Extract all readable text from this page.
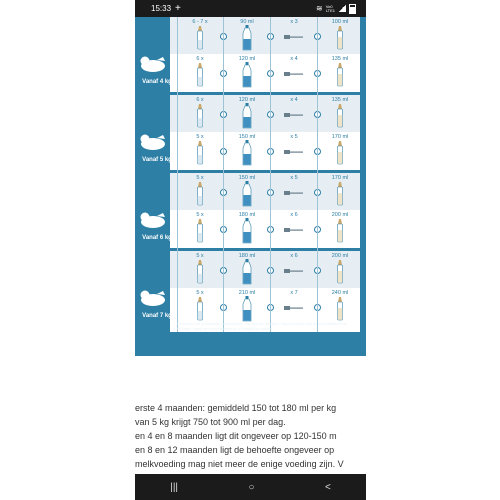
15:33 +	≋ Vo0
LTE1
6 - 7 x	90 ml	x 3	100 ml
6 x	120 ml	x 4	135 ml
6 x	120 ml	x 4	135 ml
5 x	150 ml	x 5	170 ml
5 x	150 ml	x 5	170 ml
5 x	180 ml	x 6	200 ml
5 x	180 ml	x 6	200 ml
5 x	210 ml	x 7	240 ml
Gebaseerd op gemiddelde hoeveelheden. Uw kind kan afwijken. Volg het advies van uw consultatiebureau.
Bij twijfel, vraag uw consultatiebureau of huisarts om advies.
Vanaf 4 kg
Vanaf 5 kg
Vanaf 6 kg
Vanaf 7 kg
erste 4 maanden: gemiddeld 150 tot 180 ml per kg
van 5 kg krijgt 750 tot 900 ml per dag.
en 4 en 8 maanden ligt dit ongeveer op 120-150 m
en 8 en 12 maanden ligt de behoefte ongeveer op
melkvoeding mag niet meer de enige voeding zijn. V
|||	○	<
